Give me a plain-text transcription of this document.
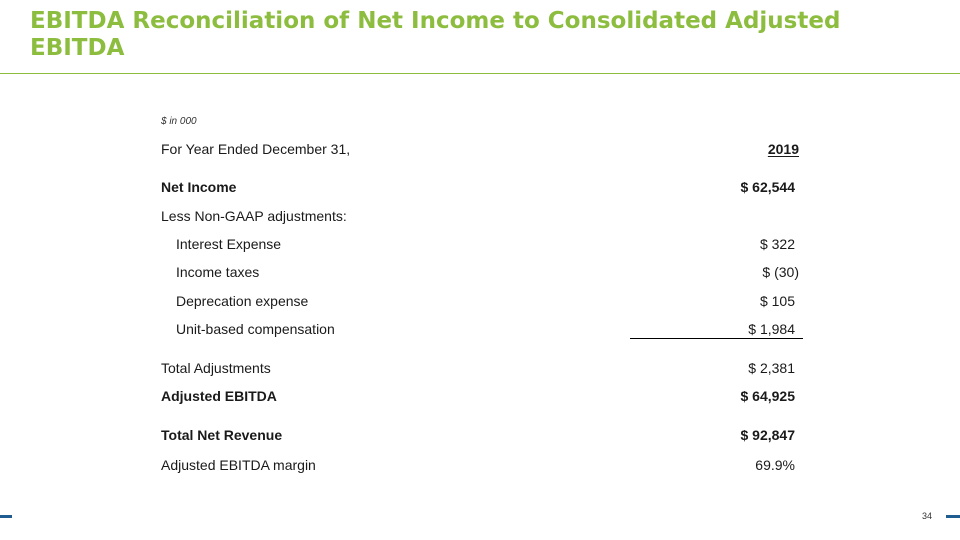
EBITDA Reconciliation of Net Income to Consolidated Adjusted EBITDA
$ in 000
For Year Ended December 31,	2019
Net Income	$ 62,544
Less Non-GAAP adjustments:
Interest Expense	$ 322
Income taxes	$ (30)
Deprecation expense	$ 105
Unit-based compensation	$ 1,984
Total Adjustments	$ 2,381
Adjusted EBITDA	$ 64,925
Total Net Revenue	$ 92,847
Adjusted EBITDA margin	69.9%
34
